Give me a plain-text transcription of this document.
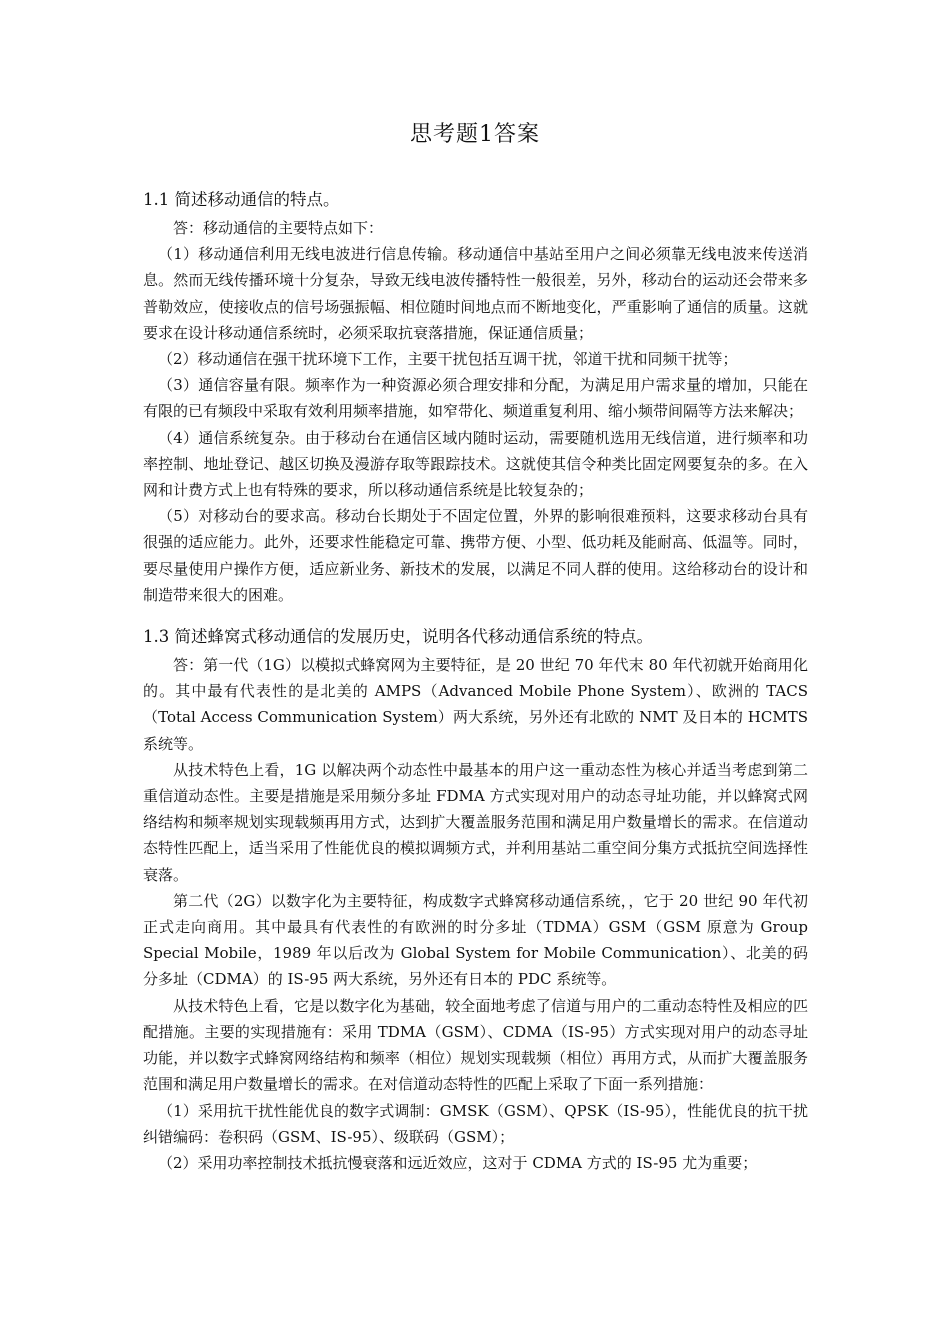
思考题1答案

1.1 简述移动通信的特点。

答：移动通信的主要特点如下：

（1）移动通信利用无线电波进行信息传输。移动通信中基站至用户之间必须靠无线电波来传送消息。然而无线传播环境十分复杂，导致无线电波传播特性一般很差，另外，移动台的运动还会带来多普勒效应，使接收点的信号场强振幅、相位随时间地点而不断地变化，严重影响了通信的质量。这就要求在设计移动通信系统时，必须采取抗衰落措施，保证通信质量；

（2）移动通信在强干扰环境下工作，主要干扰包括互调干扰，邻道干扰和同频干扰等；

（3）通信容量有限。频率作为一种资源必须合理安排和分配，为满足用户需求量的增加，只能在有限的已有频段中采取有效利用频率措施，如窄带化、频道重复利用、缩小频带间隔等方法来解决；

（4）通信系统复杂。由于移动台在通信区域内随时运动，需要随机选用无线信道，进行频率和功率控制、地址登记、越区切换及漫游存取等跟踪技术。这就使其信令种类比固定网要复杂的多。在入网和计费方式上也有特殊的要求，所以移动通信系统是比较复杂的；

（5）对移动台的要求高。移动台长期处于不固定位置，外界的影响很难预料，这要求移动台具有很强的适应能力。此外，还要求性能稳定可靠、携带方便、小型、低功耗及能耐高、低温等。同时，要尽量使用户操作方便，适应新业务、新技术的发展，以满足不同人群的使用。这给移动台的设计和制造带来很大的困难。

1.3 简述蜂窝式移动通信的发展历史，说明各代移动通信系统的特点。

答：第一代（1G）以模拟式蜂窝网为主要特征，是 20 世纪 70 年代末 80 年代初就开始商用化的。其中最有代表性的是北美的 AMPS（Advanced Mobile Phone System）、欧洲的 TACS（Total Access Communication System）两大系统，另外还有北欧的 NMT 及日本的 HCMTS 系统等。

从技术特色上看，1G 以解决两个动态性中最基本的用户这一重动态性为核心并适当考虑到第二重信道动态性。主要是措施是采用频分多址 FDMA 方式实现对用户的动态寻址功能，并以蜂窝式网络结构和频率规划实现载频再用方式，达到扩大覆盖服务范围和满足用户数量增长的需求。在信道动态特性匹配上，适当采用了性能优良的模拟调频方式，并利用基站二重空间分集方式抵抗空间选择性衰落。

第二代（2G）以数字化为主要特征，构成数字式蜂窝移动通信系统，，它于 20 世纪 90 年代初正式走向商用。其中最具有代表性的有欧洲的时分多址（TDMA）GSM（GSM 原意为 Group Special Mobile，1989 年以后改为 Global System for Mobile Communication）、北美的码分多址（CDMA）的 IS-95 两大系统，另外还有日本的 PDC 系统等。

从技术特色上看，它是以数字化为基础，较全面地考虑了信道与用户的二重动态特性及相应的匹配措施。主要的实现措施有：采用 TDMA（GSM）、CDMA（IS-95）方式实现对用户的动态寻址功能，并以数字式蜂窝网络结构和频率（相位）规划实现载频（相位）再用方式，从而扩大覆盖服务范围和满足用户数量增长的需求。在对信道动态特性的匹配上采取了下面一系列措施：

（1）采用抗干扰性能优良的数字式调制：GMSK（GSM）、QPSK（IS-95），性能优良的抗干扰纠错编码：卷积码（GSM、IS-95）、级联码（GSM）；

（2）采用功率控制技术抵抗慢衰落和远近效应，这对于 CDMA 方式的 IS-95 尤为重要；
